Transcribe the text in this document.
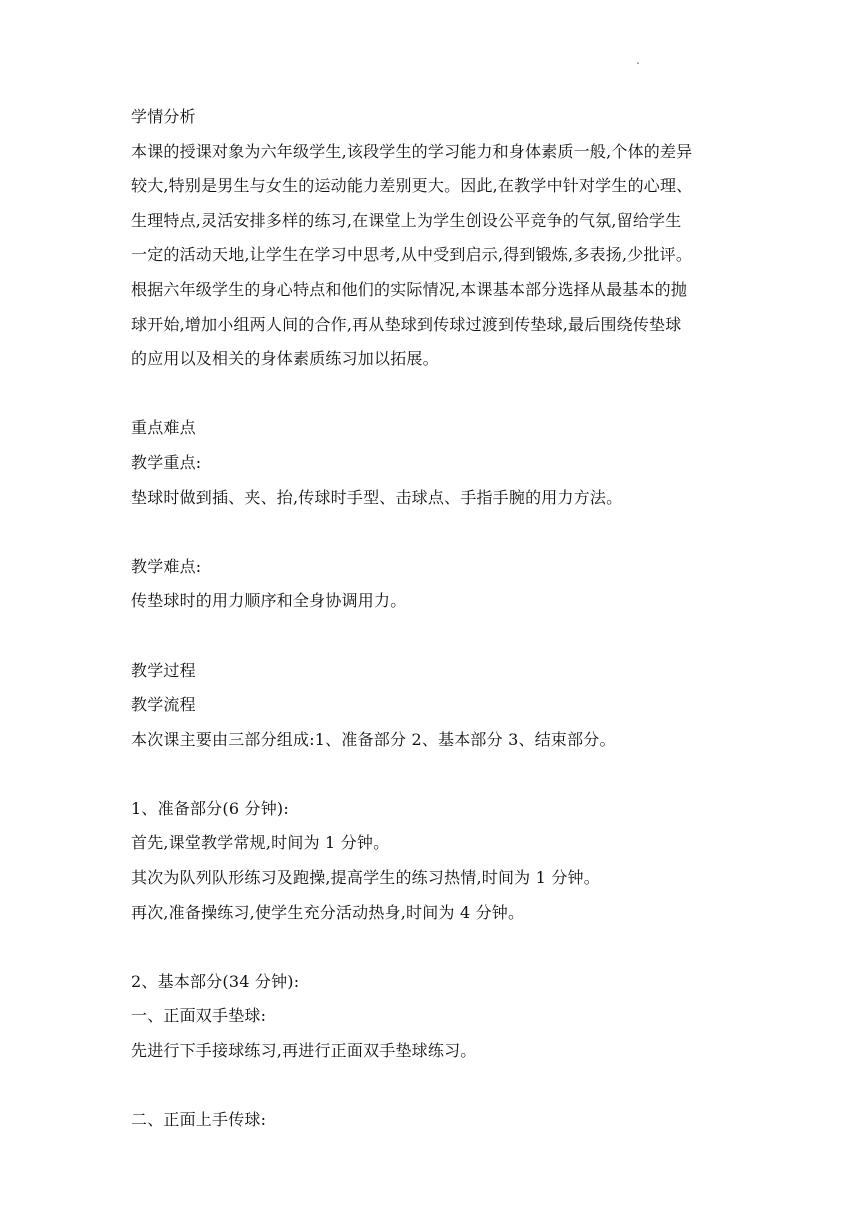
.
学情分析
本课的授课对象为六年级学生,该段学生的学习能力和身体素质一般,个体的差异
较大,特别是男生与女生的运动能力差别更大。因此,在教学中针对学生的心理、
生理特点,灵活安排多样的练习,在课堂上为学生创设公平竞争的气氛,留给学生
一定的活动天地,让学生在学习中思考,从中受到启示,得到锻炼,多表扬,少批评。
根据六年级学生的身心特点和他们的实际情况,本课基本部分选择从最基本的抛
球开始,增加小组两人间的合作,再从垫球到传球过渡到传垫球,最后围绕传垫球
的应用以及相关的身体素质练习加以拓展。
重点难点
教学重点:
垫球时做到插、夹、抬,传球时手型、击球点、手指手腕的用力方法。
教学难点:
传垫球时的用力顺序和全身协调用力。
教学过程
教学流程
本次课主要由三部分组成:1、准备部分 2、基本部分 3、结束部分。
1、准备部分(6 分钟):
首先,课堂教学常规,时间为 1 分钟。
其次为队列队形练习及跑操,提高学生的练习热情,时间为 1 分钟。
再次,准备操练习,使学生充分活动热身,时间为 4 分钟。
2、基本部分(34 分钟):
一、正面双手垫球:
先进行下手接球练习,再进行正面双手垫球练习。
二、正面上手传球:
